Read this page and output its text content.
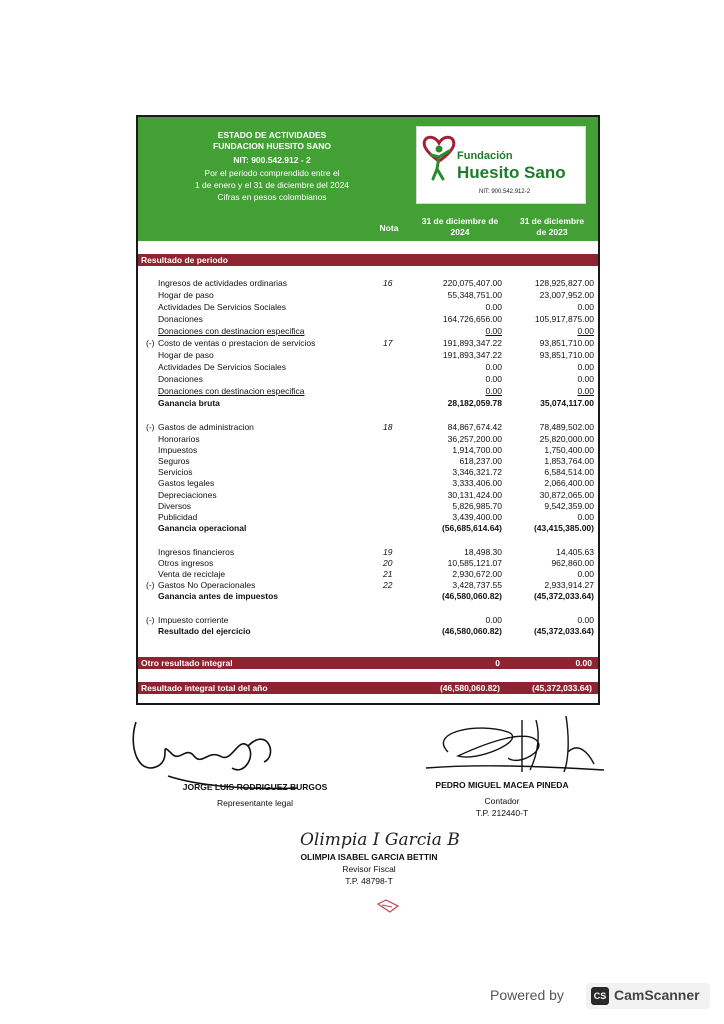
ESTADO DE ACTIVIDADES
FUNDACION HUESITO SANO
NIT: 900.542.912 - 2
Por el periodo comprendido entre el
1 de enero y el 31 de diciembre del 2024
Cifras en pesos colombianos
Fundación
Huesito Sano
NIT: 900.542.912-2
Nota
31 de diciembre de
2024
31 de diciembre
de 2023
Resultado de periodo
Ingresos de actividades ordinarias	16	220,075,407.00	128,925,827.00
Hogar de paso	55,348,751.00	23,007,952.00
Actividades De Servicios Sociales	0.00	0.00
Donaciones	164,726,656.00	105,917,875.00
Donaciones con destinacion especifica	0.00	0.00
(-) Costo de ventas o prestacion de servicios	17	191,893,347.22	93,851,710.00
Hogar de paso	191,893,347.22	93,851,710.00
Actividades De Servicios Sociales	0.00	0.00
Donaciones	0.00	0.00
Donaciones con destinacion especifica	0.00	0.00
Ganancia bruta	28,182,059.78	35,074,117.00
(-) Gastos de administracion	18	84,867,674.42	78,489,502.00
Honorarios	36,257,200.00	25,820,000.00
Impuestos	1,914,700.00	1,750,400.00
Seguros	618,237.00	1,853,764.00
Servicios	3,346,321.72	6,584,514.00
Gastos legales	3,333,406.00	2,066,400.00
Depreciaciones	30,131,424.00	30,872,065.00
Diversos	5,826,985.70	9,542,359.00
Publicidad	3,439,400.00	0.00
Ganancia operacional	(56,685,614.64)	(43,415,385.00)
Ingresos financieros	19	18,498.30	14,405.63
Otros ingresos	20	10,585,121.07	962,860.00
Venta de reciclaje	21	2,930,672.00	0.00
(-) Gastos No Operacionales	22	3,428,737.55	2,933,914.27
Ganancia antes de impuestos	(46,580,060.82)	(45,372,033.64)
(-) Impuesto corriente	0.00	0.00
Resultado del ejercicio	(46,580,060.82)	(45,372,033.64)
Otro resultado integral	0	0.00
Resultado integral total del año	(46,580,060.82)	(45,372,033.64)
JORGE LUIS RODRIGUEZ BURGOS
Representante legal
PEDRO MIGUEL MACEA PINEDA
Contador
T.P. 212440-T
Olimpia I Garcia B
OLIMPIA ISABEL GARCIA BETTIN
Revisor Fiscal
T.P. 48798-T
Powered by	CS CamScanner
